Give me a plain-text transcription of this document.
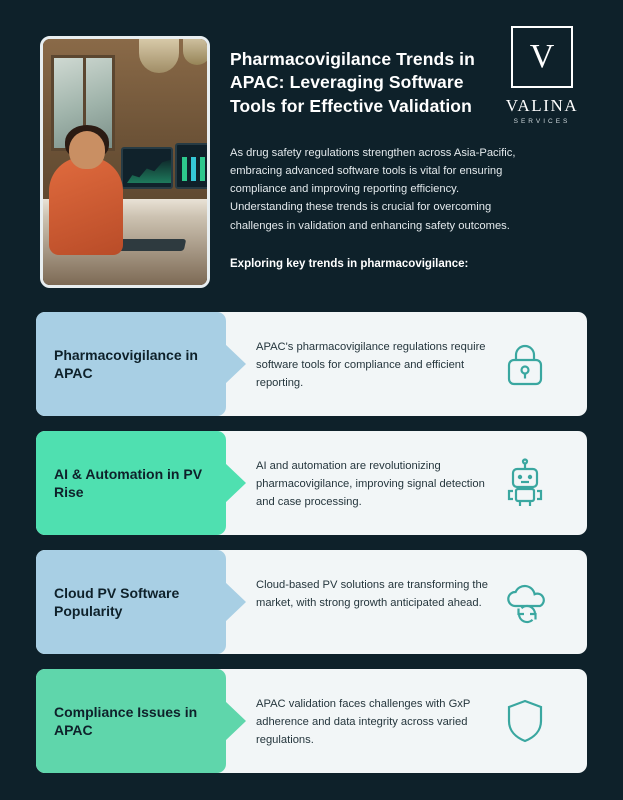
Pharmacovigilance Trends in APAC: Leveraging Software Tools for Effective Validation
As drug safety regulations strengthen across Asia-Pacific, embracing advanced software tools is vital for ensuring compliance and improving reporting efficiency. Understanding these trends is crucial for overcoming challenges in validation and enhancing safety outcomes.
Exploring key trends in pharmacovigilance:
V
VALINA
SERVICES
Pharmacovigilance in APAC
APAC's pharmacovigilance regulations require software tools for compliance and efficient reporting.
AI & Automation in PV Rise
AI and automation are revolutionizing pharmacovigilance, improving signal detection and case processing.
Cloud PV Software Popularity
Cloud-based PV solutions are transforming the market, with strong growth anticipated ahead.
Compliance Issues in APAC
APAC validation faces challenges with GxP adherence and data integrity across varied regulations.
